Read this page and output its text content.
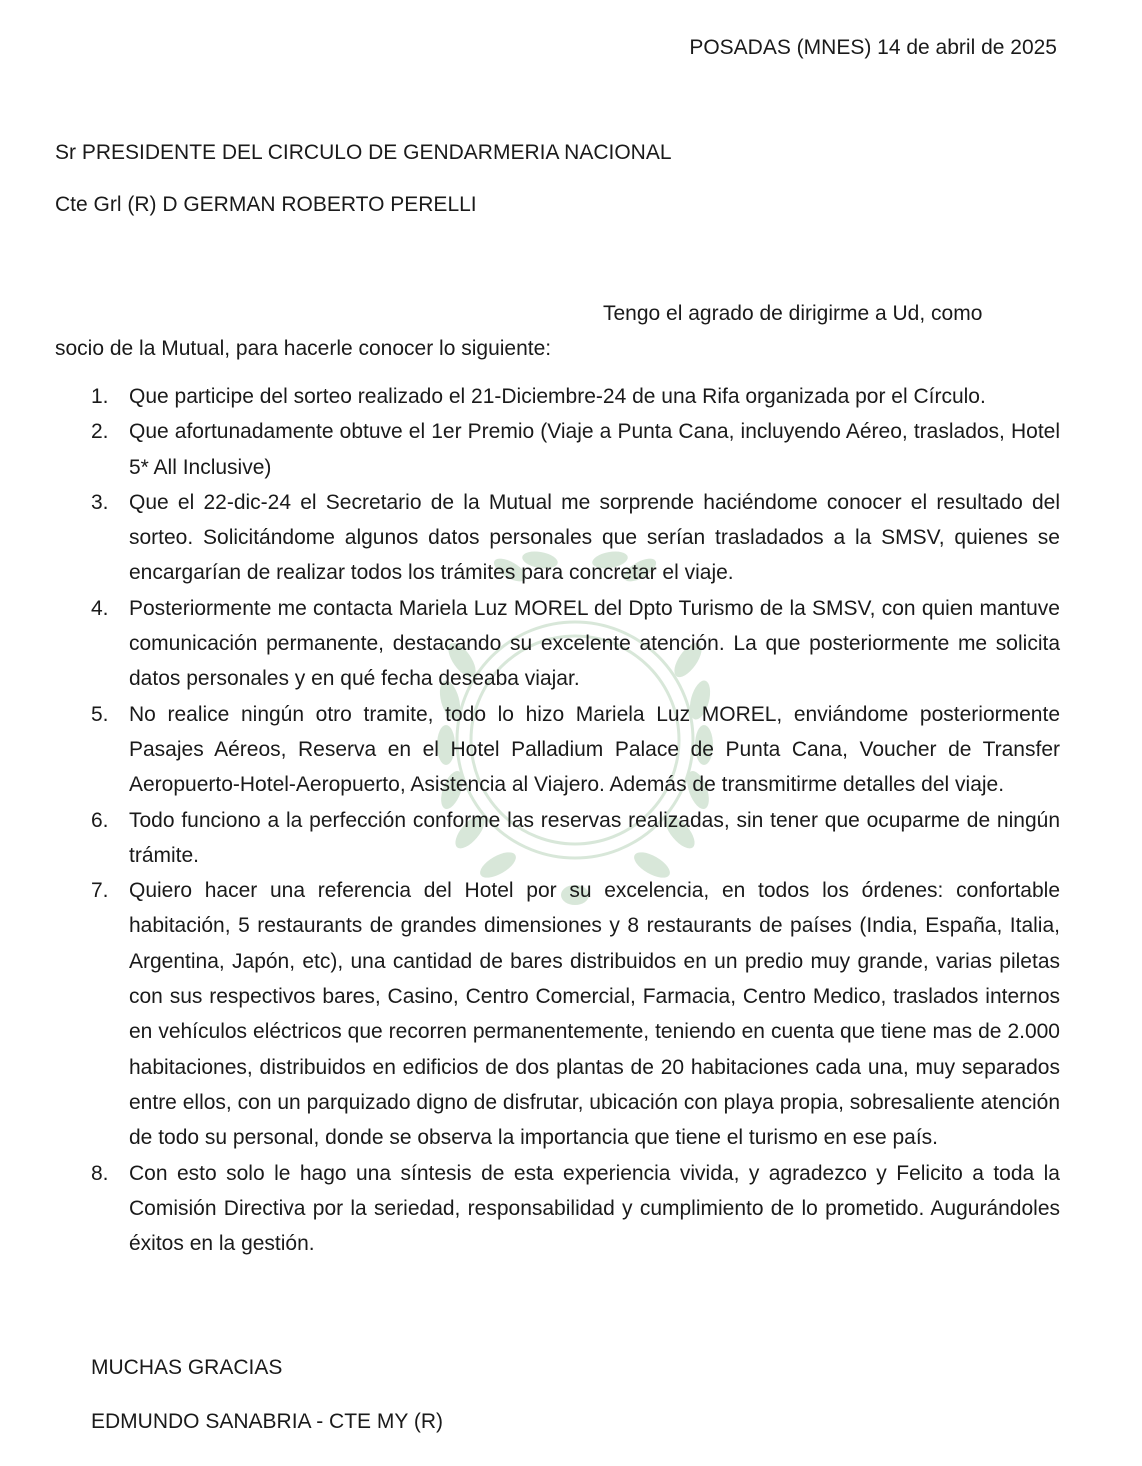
POSADAS (MNES) 14 de abril de 2025
Sr PRESIDENTE DEL CIRCULO DE GENDARMERIA NACIONAL
Cte Grl (R) D GERMAN ROBERTO PERELLI
Tengo el agrado de dirigirme a Ud, como
socio de la Mutual, para hacerle conocer lo siguiente:
1. Que participe del sorteo realizado el 21-Diciembre-24 de una Rifa organizada por el Círculo.
2. Que afortunadamente obtuve el 1er Premio (Viaje a Punta Cana, incluyendo Aéreo, traslados, Hotel 5* All Inclusive)
3. Que el 22-dic-24 el Secretario de la Mutual me sorprende haciéndome conocer el resultado del sorteo. Solicitándome algunos datos personales que serían trasladados a la SMSV, quienes se encargarían de realizar todos los trámites para concretar el viaje.
4. Posteriormente me contacta Mariela Luz MOREL del Dpto Turismo de la SMSV, con quien mantuve comunicación permanente, destacando su excelente atención. La que posteriormente me solicita datos personales y en qué fecha deseaba viajar.
5. No realice ningún otro tramite, todo lo hizo Mariela Luz MOREL, enviándome posteriormente Pasajes Aéreos, Reserva en el Hotel Palladium Palace de Punta Cana, Voucher de Transfer Aeropuerto-Hotel-Aeropuerto, Asistencia al Viajero. Además de transmitirme detalles del viaje.
6. Todo funciono a la perfección conforme las reservas realizadas, sin tener que ocuparme de ningún trámite.
7. Quiero hacer una referencia del Hotel por su excelencia, en todos los órdenes: confortable habitación, 5 restaurants de grandes dimensiones y 8 restaurants de países (India, España, Italia, Argentina, Japón, etc), una cantidad de bares distribuidos en un predio muy grande, varias piletas con sus respectivos bares, Casino, Centro Comercial, Farmacia, Centro Medico, traslados internos en vehículos eléctricos que recorren permanentemente, teniendo en cuenta que tiene mas de 2.000 habitaciones, distribuidos en edificios de dos plantas de 20 habitaciones cada una, muy separados entre ellos, con un parquizado digno de disfrutar, ubicación con playa propia, sobresaliente atención de todo su personal, donde se observa la importancia que tiene el turismo en ese país.
8. Con esto solo le hago una síntesis de esta experiencia vivida, y agradezco y Felicito a toda la Comisión Directiva por la seriedad, responsabilidad y cumplimiento de lo prometido. Augurándoles éxitos en la gestión.
MUCHAS GRACIAS
EDMUNDO SANABRIA - CTE MY (R)
